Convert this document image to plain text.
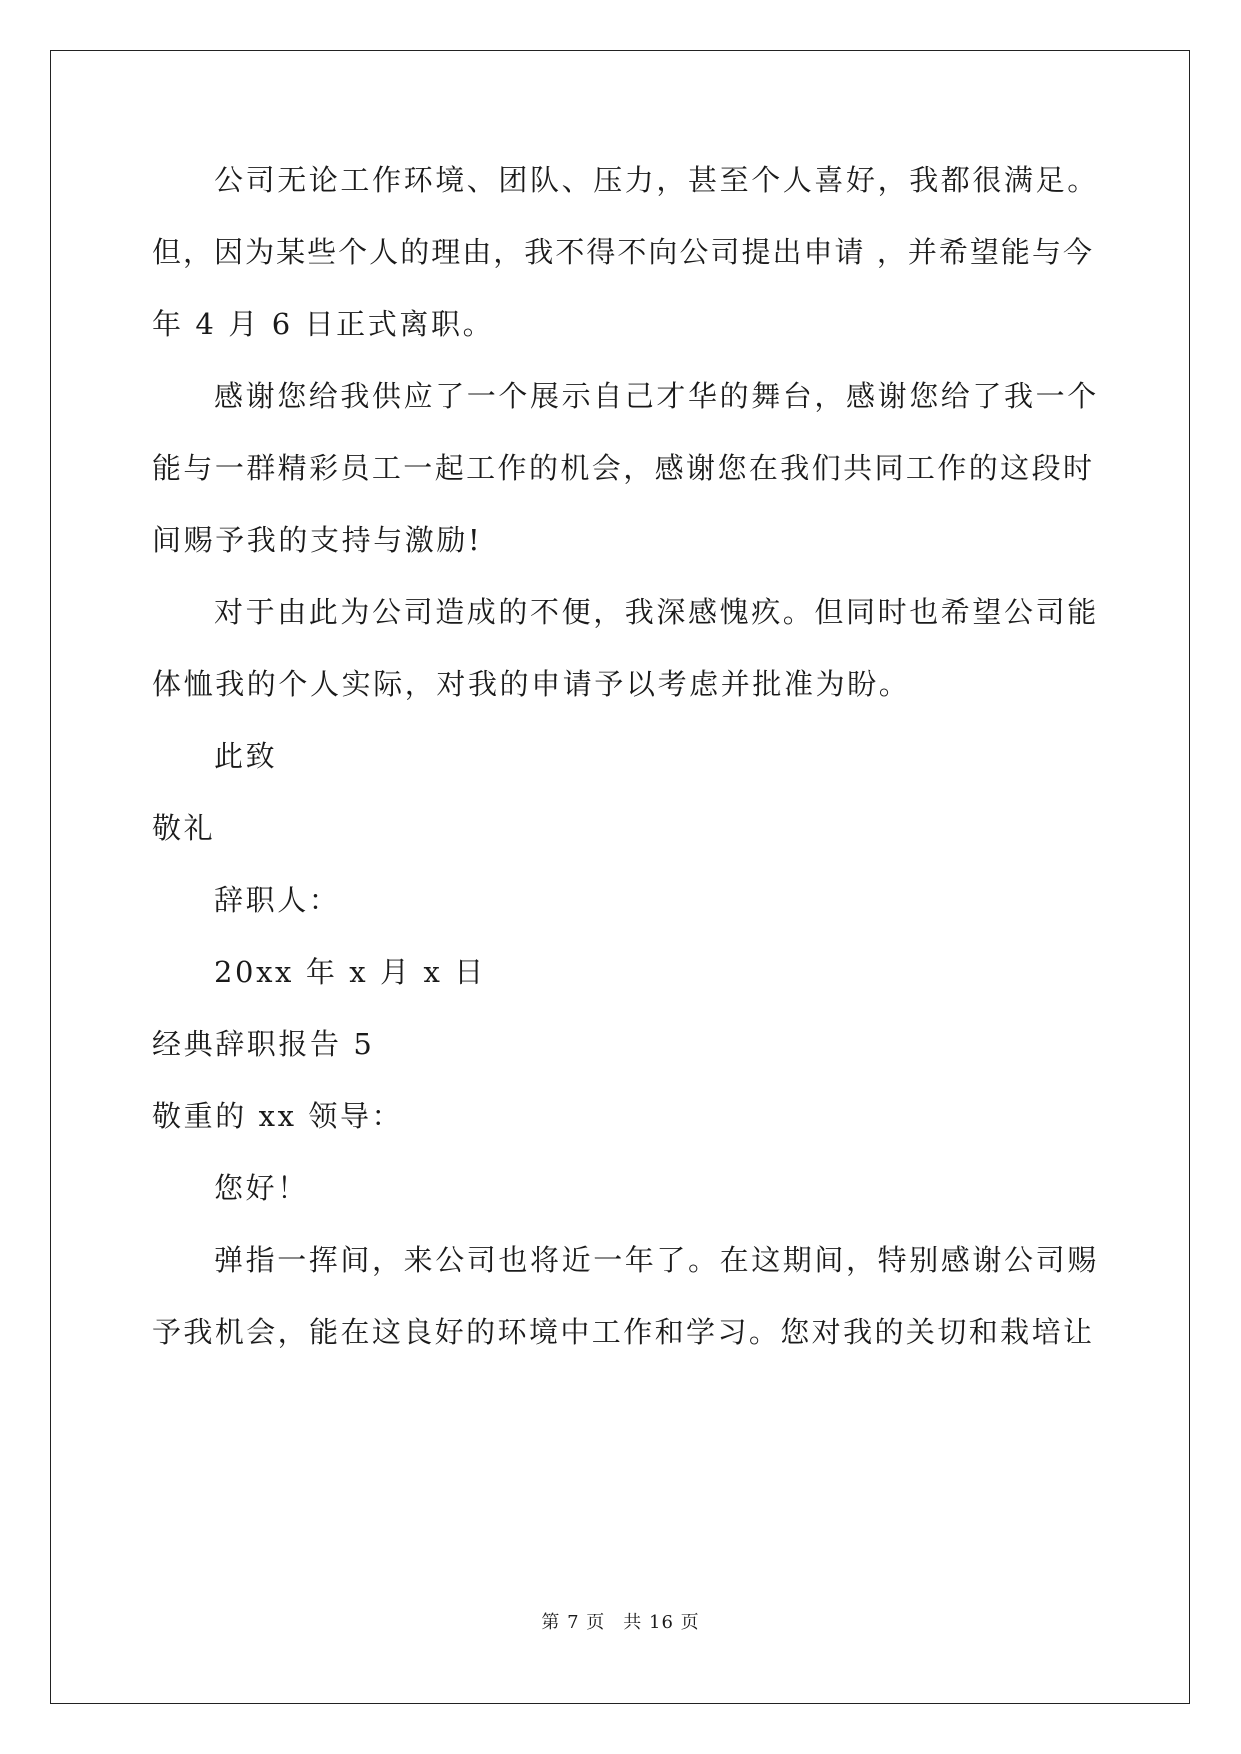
公司无论工作环境、团队、压力，甚至个人喜好，我都很满足。
但，因为某些个人的理由，我不得不向公司提出申请 ，并希望能与今
年 4 月 6 日正式离职。
感谢您给我供应了一个展示自己才华的舞台，感谢您给了我一个
能与一群精彩员工一起工作的机会，感谢您在我们共同工作的这段时
间赐予我的支持与激励!
对于由此为公司造成的不便，我深感愧疚。但同时也希望公司能
体恤我的个人实际，对我的申请予以考虑并批准为盼。
此致
敬礼
辞职人：
20xx 年 x 月 x 日
经典辞职报告 5
敬重的 xx 领导：
您好！
弹指一挥间，来公司也将近一年了。在这期间，特别感谢公司赐
予我机会，能在这良好的环境中工作和学习。您对我的关切和栽培让
第 7 页 共 16 页
